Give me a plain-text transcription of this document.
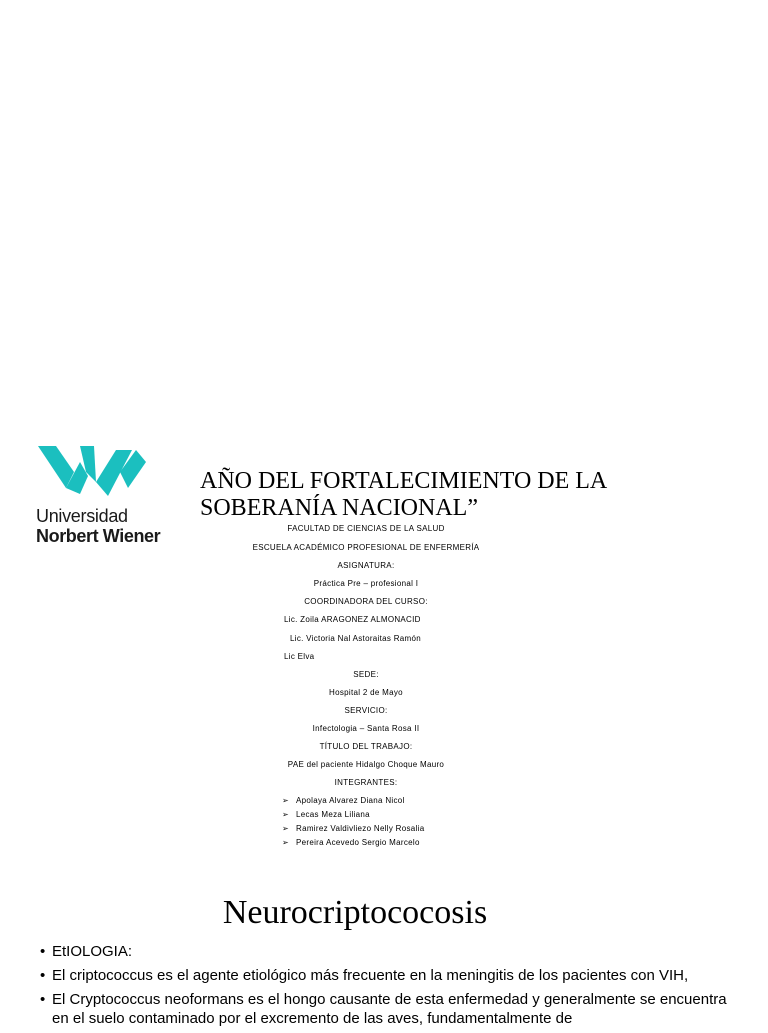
Universidad
Norbert Wiener
AÑO DEL FORTALECIMIENTO DE LA SOBERANÍA NACIONAL”
FACULTAD DE CIENCIAS DE LA SALUD
ESCUELA ACADÉMICO PROFESIONAL DE ENFERMERÍA
ASIGNATURA:
Práctica Pre – profesional I
COORDINADORA DEL CURSO:
Lic. Zoila ARAGONEZ ALMONACID
Lic. Victoria Nal Astoraitas Ramón
Lic Elva
SEDE:
Hospital 2 de Mayo
SERVICIO:
Infectologia – Santa Rosa II
TÍTULO DEL TRABAJO:
PAE del paciente Hidalgo Choque Mauro
INTEGRANTES:
➢ Apolaya Alvarez Diana Nicol
➢ Lecas Meza Liliana
➢ Ramirez Valdivliezo Nelly Rosalia
➢ Pereira Acevedo Sergio Marcelo
Neurocriptococosis
• EtIOLOGIA:
• El criptococcus es el agente etiológico más frecuente en la meningitis de los pacientes con VIH,
• El Cryptococcus neoformans es el hongo causante de esta enfermedad y generalmente se encuentra en el suelo contaminado por el excremento de las aves, fundamentalmente de
